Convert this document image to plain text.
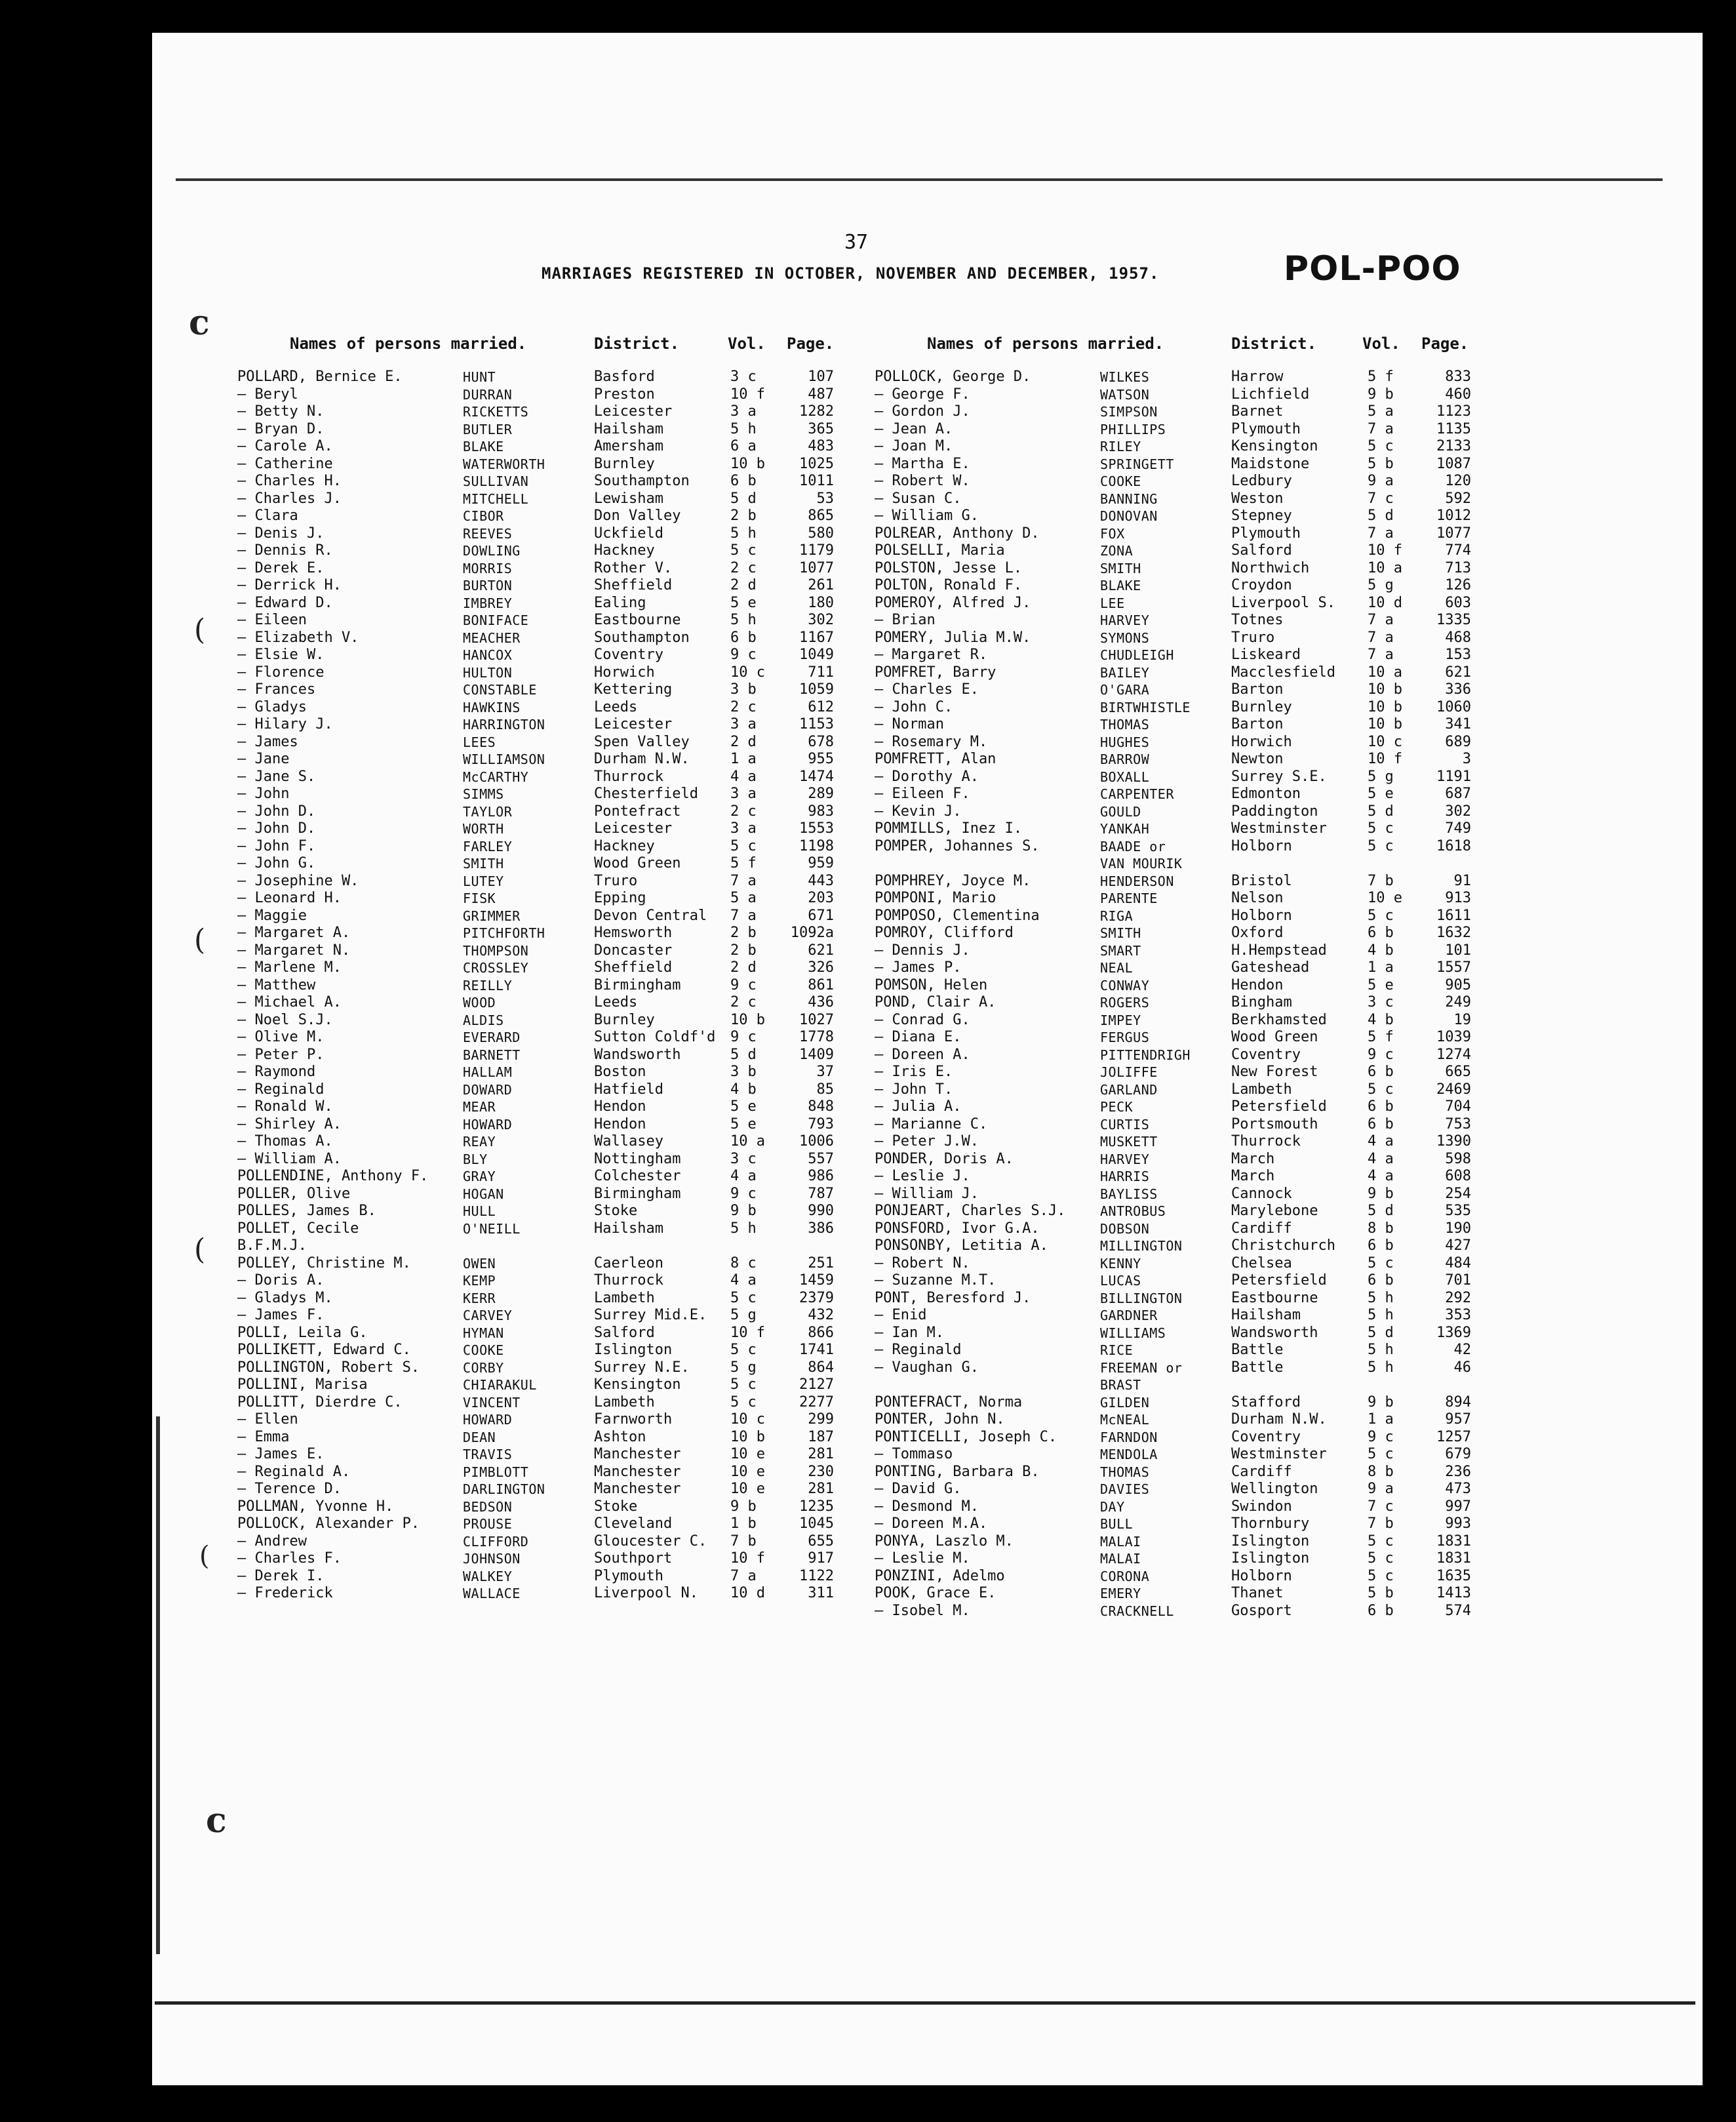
c
(
(
(
(
c
37
MARRIAGES REGISTERED IN OCTOBER, NOVEMBER AND DECEMBER, 1957.	POL-POO
Names of persons married.	District.	Vol. Page.
POLLARD, Bernice E.	HUNT	Basford	3 c	107
— Beryl	DURRAN	Preston	10 f	487
— Betty N.	RICKETTS	Leicester	3 a	1282
— Bryan D.	BUTLER	Hailsham	5 h	365
— Carole A.	BLAKE	Amersham	6 a	483
— Catherine	WATERWORTH	Burnley	10 b	1025
— Charles H.	SULLIVAN	Southampton	6 b	1011
— Charles J.	MITCHELL	Lewisham	5 d	53
— Clara	CIBOR	Don Valley	2 b	865
— Denis J.	REEVES	Uckfield	5 h	580
— Dennis R.	DOWLING	Hackney	5 c	1179
— Derek E.	MORRIS	Rother V.	2 c	1077
— Derrick H.	BURTON	Sheffield	2 d	261
— Edward D.	IMBREY	Ealing	5 e	180
— Eileen	BONIFACE	Eastbourne	5 h	302
— Elizabeth V.	MEACHER	Southampton	6 b	1167
— Elsie W.	HANCOX	Coventry	9 c	1049
— Florence	HULTON	Horwich	10 c	711
— Frances	CONSTABLE	Kettering	3 b	1059
— Gladys	HAWKINS	Leeds	2 c	612
— Hilary J.	HARRINGTON	Leicester	3 a	1153
— James	LEES	Spen Valley	2 d	678
— Jane	WILLIAMSON	Durham N.W.	1 a	955
— Jane S.	McCARTHY	Thurrock	4 a	1474
— John	SIMMS	Chesterfield 3 a	289
— John D.	TAYLOR	Pontefract	2 c	983
— John D.	WORTH	Leicester	3 a	1553
— John F.	FARLEY	Hackney	5 c	1198
— John G.	SMITH	Wood Green	5 f	959
— Josephine W.	LUTEY	Truro	7 a	443
— Leonard H.	FISK	Epping	5 a	203
— Maggie	GRIMMER	Devon Central 7 a	671
— Margaret A.	PITCHFORTH	Hemsworth	2 b 1092a
— Margaret N.	THOMPSON	Doncaster	2 b	621
— Marlene M.	CROSSLEY	Sheffield	2 d	326
— Matthew	REILLY	Birmingham	9 c	861
— Michael A.	WOOD	Leeds	2 c	436
— Noel S.J.	ALDIS	Burnley	10 b	1027
— Olive M.	EVERARD	Sutton Coldf'd 9 c	1778
— Peter P.	BARNETT	Wandsworth	5 d	1409
— Raymond	HALLAM	Boston	3 b	37
— Reginald	DOWARD	Hatfield	4 b	85
— Ronald W.	MEAR	Hendon	5 e	848
— Shirley A.	HOWARD	Hendon	5 e	793
— Thomas A.	REAY	Wallasey	10 a	1006
— William A.	BLY	Nottingham	3 c	557
POLLENDINE, Anthony F.	GRAY	Colchester	4 a	986
POLLER, Olive	HOGAN	Birmingham	9 c	787
POLLES, James B.	HULL	Stoke	9 b	990
POLLET, Cecile	O'NEILL	Hailsham	5 h	386
B.F.M.J.
POLLEY, Christine M.	OWEN	Caerleon	8 c	251
— Doris A.	KEMP	Thurrock	4 a	1459
— Gladys M.	KERR	Lambeth	5 c	2379
— James F.	CARVEY	Surrey Mid.E. 5 g	432
POLLI, Leila G.	HYMAN	Salford	10 f	866
POLLIKETT, Edward C.	COOKE	Islington	5 c	1741
POLLINGTON, Robert S.	CORBY	Surrey N.E.	5 g	864
POLLINI, Marisa	CHIARAKUL	Kensington	5 c	2127
POLLITT, Dierdre C.	VINCENT	Lambeth	5 c	2277
— Ellen	HOWARD	Farnworth	10 c	299
— Emma	DEAN	Ashton	10 b	187
— James E.	TRAVIS	Manchester	10 e	281
— Reginald A.	PIMBLOTT	Manchester	10 e	230
— Terence D.	DARLINGTON	Manchester	10 e	281
POLLMAN, Yvonne H.	BEDSON	Stoke	9 b	1235
POLLOCK, Alexander P.	PROUSE	Cleveland	1 b	1045
— Andrew	CLIFFORD	Gloucester C. 7 b	655
— Charles F.	JOHNSON	Southport	10 f	917
— Derek I.	WALKEY	Plymouth	7 a	1122
— Frederick	WALLACE	Liverpool N. 10 d	311
Names of persons married.	District.	Vol. Page.
POLLOCK, George D.	WILKES	Harrow	5 f	833
— George F.	WATSON	Lichfield	9 b	460
— Gordon J.	SIMPSON	Barnet	5 a	1123
— Jean A.	PHILLIPS	Plymouth	7 a	1135
— Joan M.	RILEY	Kensington	5 c	2133
— Martha E.	SPRINGETT	Maidstone	5 b	1087
— Robert W.	COOKE	Ledbury	9 a	120
— Susan C.	BANNING	Weston	7 c	592
— William G.	DONOVAN	Stepney	5 d	1012
POLREAR, Anthony D.	FOX	Plymouth	7 a	1077
POLSELLI, Maria	ZONA	Salford	10 f	774
POLSTON, Jesse L.	SMITH	Northwich	10 a	713
POLTON, Ronald F.	BLAKE	Croydon	5 g	126
POMEROY, Alfred J.	LEE	Liverpool S. 10 d	603
— Brian	HARVEY	Totnes	7 a	1335
POMERY, Julia M.W.	SYMONS	Truro	7 a	468
— Margaret R.	CHUDLEIGH	Liskeard	7 a	153
POMFRET, Barry	BAILEY	Macclesfield 10 a	621
— Charles E.	O'GARA	Barton	10 b	336
— John C.	BIRTWHISTLE	Burnley	10 b	1060
— Norman	THOMAS	Barton	10 b	341
— Rosemary M.	HUGHES	Horwich	10 c	689
POMFRETT, Alan	BARROW	Newton	10 f	3
— Dorothy A.	BOXALL	Surrey S.E.	5 g	1191
— Eileen F.	CARPENTER	Edmonton	5 e	687
— Kevin J.	GOULD	Paddington	5 d	302
POMMILLS, Inez I.	YANKAH	Westminster	5 c	749
POMPER, Johannes S.	BAADE or	Holborn	5 c	1618
VAN MOURIK
POMPHREY, Joyce M.	HENDERSON	Bristol	7 b	91
POMPONI, Mario	PARENTE	Nelson	10 e	913
POMPOSO, Clementina	RIGA	Holborn	5 c	1611
POMROY, Clifford	SMITH	Oxford	6 b	1632
— Dennis J.	SMART	H.Hempstead	4 b	101
— James P.	NEAL	Gateshead	1 a	1557
POMSON, Helen	CONWAY	Hendon	5 e	905
POND, Clair A.	ROGERS	Bingham	3 c	249
— Conrad G.	IMPEY	Berkhamsted	4 b	19
— Diana E.	FERGUS	Wood Green	5 f	1039
— Doreen A.	PITTENDRIGH	Coventry	9 c	1274
— Iris E.	JOLIFFE	New Forest	6 b	665
— John T.	GARLAND	Lambeth	5 c	2469
— Julia A.	PECK	Petersfield	6 b	704
— Marianne C.	CURTIS	Portsmouth	6 b	753
— Peter J.W.	MUSKETT	Thurrock	4 a	1390
PONDER, Doris A.	HARVEY	March	4 a	598
— Leslie J.	HARRIS	March	4 a	608
— William J.	BAYLISS	Cannock	9 b	254
PONJEART, Charles S.J.	ANTROBUS	Marylebone	5 d	535
PONSFORD, Ivor G.A.	DOBSON	Cardiff	8 b	190
PONSONBY, Letitia A.	MILLINGTON	Christchurch 6 b	427
— Robert N.	KENNY	Chelsea	5 c	484
— Suzanne M.T.	LUCAS	Petersfield	6 b	701
PONT, Beresford J.	BILLINGTON	Eastbourne	5 h	292
— Enid	GARDNER	Hailsham	5 h	353
— Ian M.	WILLIAMS	Wandsworth	5 d	1369
— Reginald	RICE	Battle	5 h	42
— Vaughan G.	FREEMAN or	Battle	5 h	46
BRAST
PONTEFRACT, Norma	GILDEN	Stafford	9 b	894
PONTER, John N.	McNEAL	Durham N.W.	1 a	957
PONTICELLI, Joseph C.	FARNDON	Coventry	9 c	1257
— Tommaso	MENDOLA	Westminster	5 c	679
PONTING, Barbara B.	THOMAS	Cardiff	8 b	236
— David G.	DAVIES	Wellington	9 a	473
— Desmond M.	DAY	Swindon	7 c	997
— Doreen M.A.	BULL	Thornbury	7 b	993
PONYA, Laszlo M.	MALAI	Islington	5 c	1831
— Leslie M.	MALAI	Islington	5 c	1831
PONZINI, Adelmo	CORONA	Holborn	5 c	1635
POOK, Grace E.	EMERY	Thanet	5 b	1413
— Isobel M.	CRACKNELL	Gosport	6 b	574
